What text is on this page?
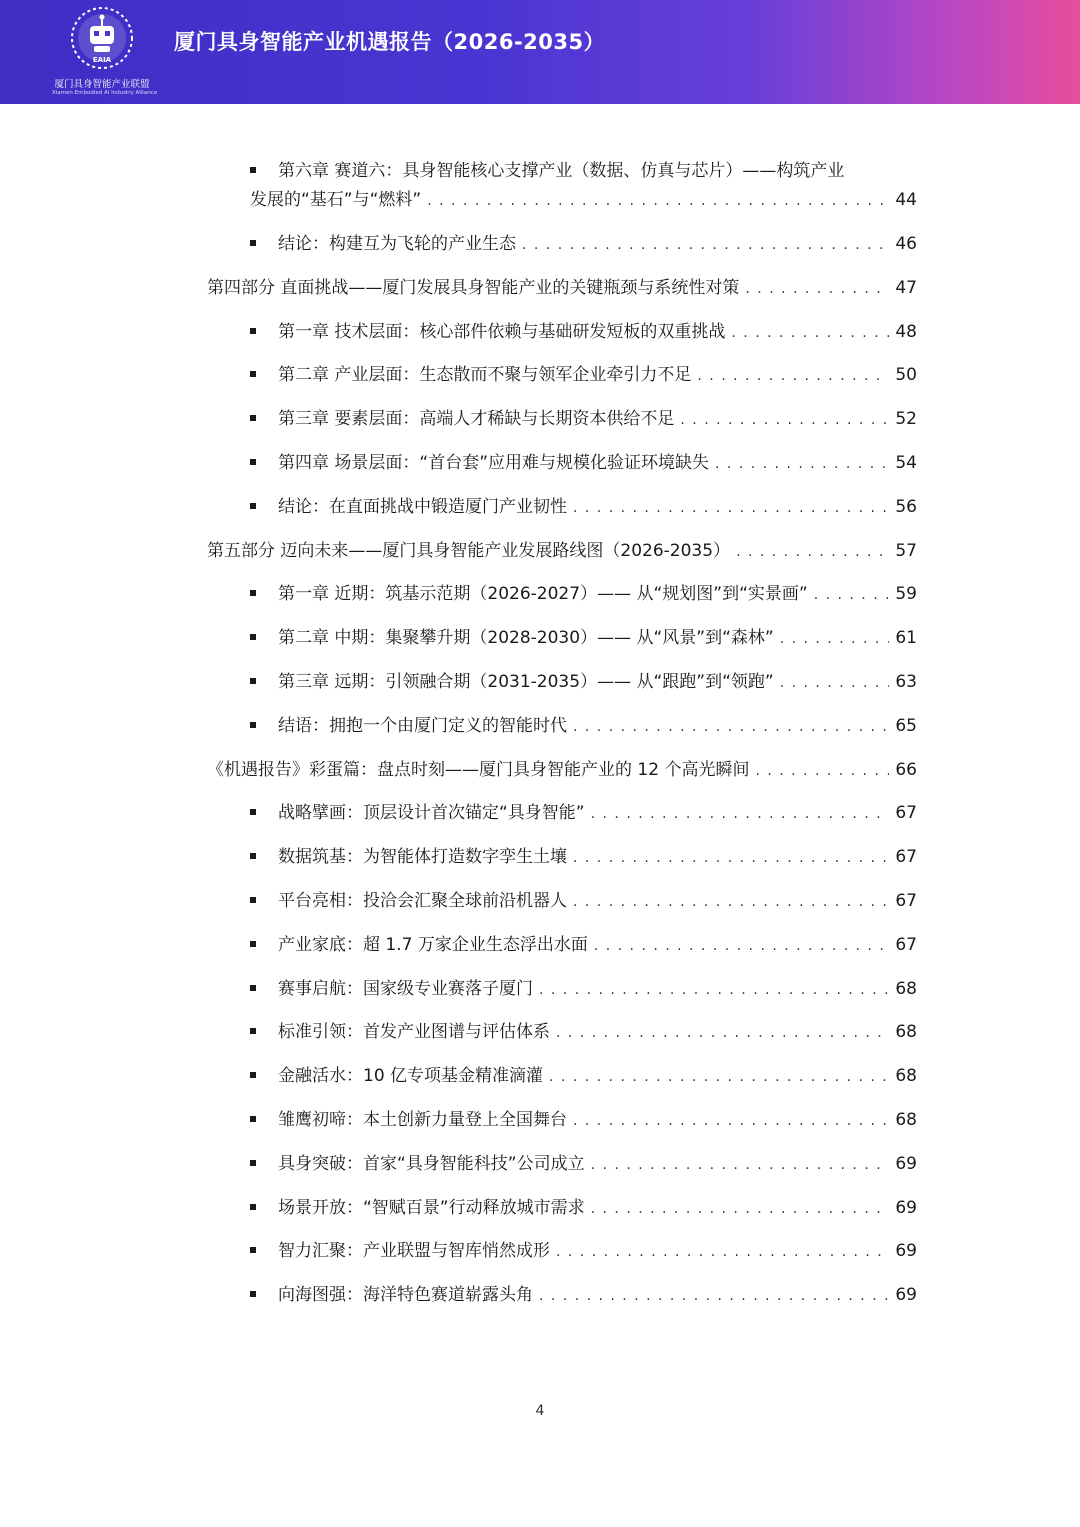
EAIA
厦门具身智能产业联盟
Xiamen Embodied AI Industry Alliance
厦门具身智能产业机遇报告（2026-2035）
第六章 赛道六：具身智能核心支撑产业（数据、仿真与芯片）——构筑产业
发展的“基石”与“燃料” . . .	44
结论：构建互为飞轮的产业生态 . . .	46
第四部分 直面挑战——厦门发展具身智能产业的关键瓶颈与系统性对策 . . .	47
第一章 技术层面：核心部件依赖与基础研发短板的双重挑战 . . .	48
第二章 产业层面：生态散而不聚与领军企业牵引力不足 . . .	50
第三章 要素层面：高端人才稀缺与长期资本供给不足 . . .	52
第四章 场景层面：“首台套”应用难与规模化验证环境缺失 . . .	54
结论：在直面挑战中锻造厦门产业韧性 . . .	56
第五部分 迈向未来——厦门具身智能产业发展路线图（2026-2035） . . .	57
第一章 近期：筑基示范期（2026-2027）—— 从“规划图”到“实景画” . . .	59
第二章 中期：集聚攀升期（2028-2030）—— 从“风景”到“森林” . . .	61
第三章 远期：引领融合期（2031-2035）—— 从“跟跑”到“领跑” . . .	63
结语：拥抱一个由厦门定义的智能时代 . . .	65
《机遇报告》彩蛋篇：盘点时刻——厦门具身智能产业的 12 个高光瞬间 . . .	66
战略擘画：顶层设计首次锚定“具身智能” . . .	67
数据筑基：为智能体打造数字孪生土壤 . . .	67
平台亮相：投洽会汇聚全球前沿机器人 . . .	67
产业家底：超 1.7 万家企业生态浮出水面 . . .	67
赛事启航：国家级专业赛落子厦门 . . .	68
标准引领：首发产业图谱与评估体系 . . .	68
金融活水：10 亿专项基金精准滴灌 . . .	68
雏鹰初啼：本土创新力量登上全国舞台 . . .	68
具身突破：首家“具身智能科技”公司成立 . . .	69
场景开放：“智赋百景”行动释放城市需求 . . .	69
智力汇聚：产业联盟与智库悄然成形 . . .	69
向海图强：海洋特色赛道崭露头角 . . .	69
4
